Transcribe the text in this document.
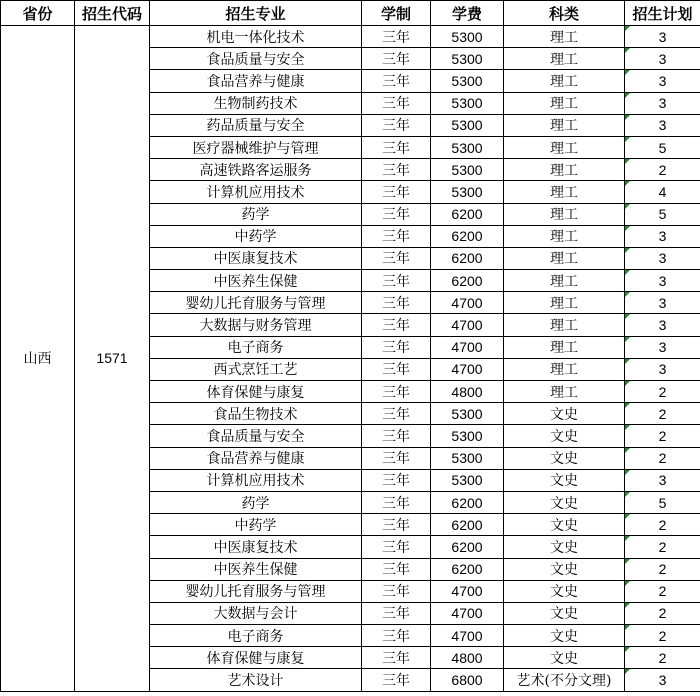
省份	招生代码	招生专业	学制	学费	科类	招生计划
山西	1571	机电一体化技术	三年	5300	理工	3
		食品质量与安全	三年	5300	理工	3
		食品营养与健康	三年	5300	理工	3
		生物制药技术	三年	5300	理工	3
		药品质量与安全	三年	5300	理工	3
		医疗器械维护与管理	三年	5300	理工	5
		高速铁路客运服务	三年	5300	理工	2
		计算机应用技术	三年	5300	理工	4
		药学	三年	6200	理工	5
		中药学	三年	6200	理工	3
		中医康复技术	三年	6200	理工	3
		中医养生保健	三年	6200	理工	3
		婴幼儿托育服务与管理	三年	4700	理工	3
		大数据与财务管理	三年	4700	理工	3
		电子商务	三年	4700	理工	3
		西式烹饪工艺	三年	4700	理工	3
		体育保健与康复	三年	4800	理工	2
		食品生物技术	三年	5300	文史	2
		食品质量与安全	三年	5300	文史	2
		食品营养与健康	三年	5300	文史	2
		计算机应用技术	三年	5300	文史	3
		药学	三年	6200	文史	5
		中药学	三年	6200	文史	2
		中医康复技术	三年	6200	文史	2
		中医养生保健	三年	6200	文史	2
		婴幼儿托育服务与管理	三年	4700	文史	2
		大数据与会计	三年	4700	文史	2
		电子商务	三年	4700	文史	2
		体育保健与康复	三年	4800	文史	2
		艺术设计	三年	6800	艺术(不分文理)	3
